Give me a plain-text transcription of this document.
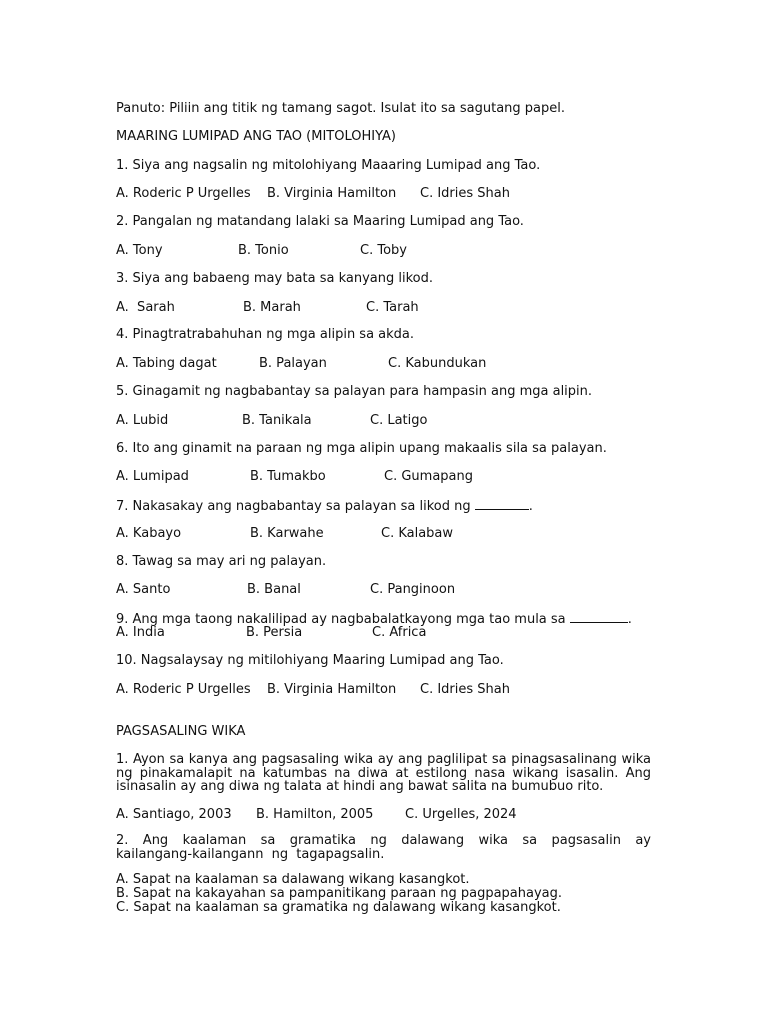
Panuto: Piliin ang titik ng tamang sagot. Isulat ito sa sagutang papel.
MAARING LUMIPAD ANG TAO (MITOLOHIYA)
1. Siya ang nagsalin ng mitolohiyang Maaaring Lumipad ang Tao.
A. Roderic P Urgelles B. Virginia Hamilton C. Idries Shah
2. Pangalan ng matandang lalaki sa Maaring Lumipad ang Tao.
A. Tony	B. Tonio	C. Toby
3. Siya ang babaeng may bata sa kanyang likod.
A.  Sarah	B. Marah	C. Tarah
4. Pinagtratrabahuhan ng mga alipin sa akda.
A. Tabing dagat	B. Palayan	C. Kabundukan
5. Ginagamit ng nagbabantay sa palayan para hampasin ang mga alipin.
A. Lubid	B. Tanikala	C. Latigo
6. Ito ang ginamit na paraan ng mga alipin upang makaalis sila sa palayan.
A. Lumipad	B. Tumakbo	C. Gumapang
7. Nakasakay ang nagbabantay sa palayan sa likod ng	.
A. Kabayo	B. Karwahe	C. Kalabaw
8. Tawag sa may ari ng palayan.
A. Santo	B. Banal	C. Panginoon
9. Ang mga taong nakalilipad ay nagbabalatkayong mga tao mula sa	.
A. India	B. Persia	C. Africa
10. Nagsalaysay ng mitilohiyang Maaring Lumipad ang Tao.
A. Roderic P Urgelles B. Virginia Hamilton C. Idries Shah
PAGSASALING WIKA
1. Ayon sa kanya ang pagsasaling wika ay ang paglilipat sa pinagsasalinang wika ng pinakamalapit na katumbas na diwa at estilong nasa wikang isasalin. Ang isinasalin ay ang diwa ng talata at hindi ang bawat salita na bumubuo rito.
A. Santiago, 2003 B. Hamilton, 2005 C. Urgelles, 2024
2. Ang kaalaman sa gramatika ng dalawang wika sa pagsasalin ay kailangang-kailangann ng tagapagsalin.
A. Sapat na kaalaman sa dalawang wikang kasangkot.
B. Sapat na kakayahan sa pampanitikang paraan ng pagpapahayag.
C. Sapat na kaalaman sa gramatika ng dalawang wikang kasangkot.
